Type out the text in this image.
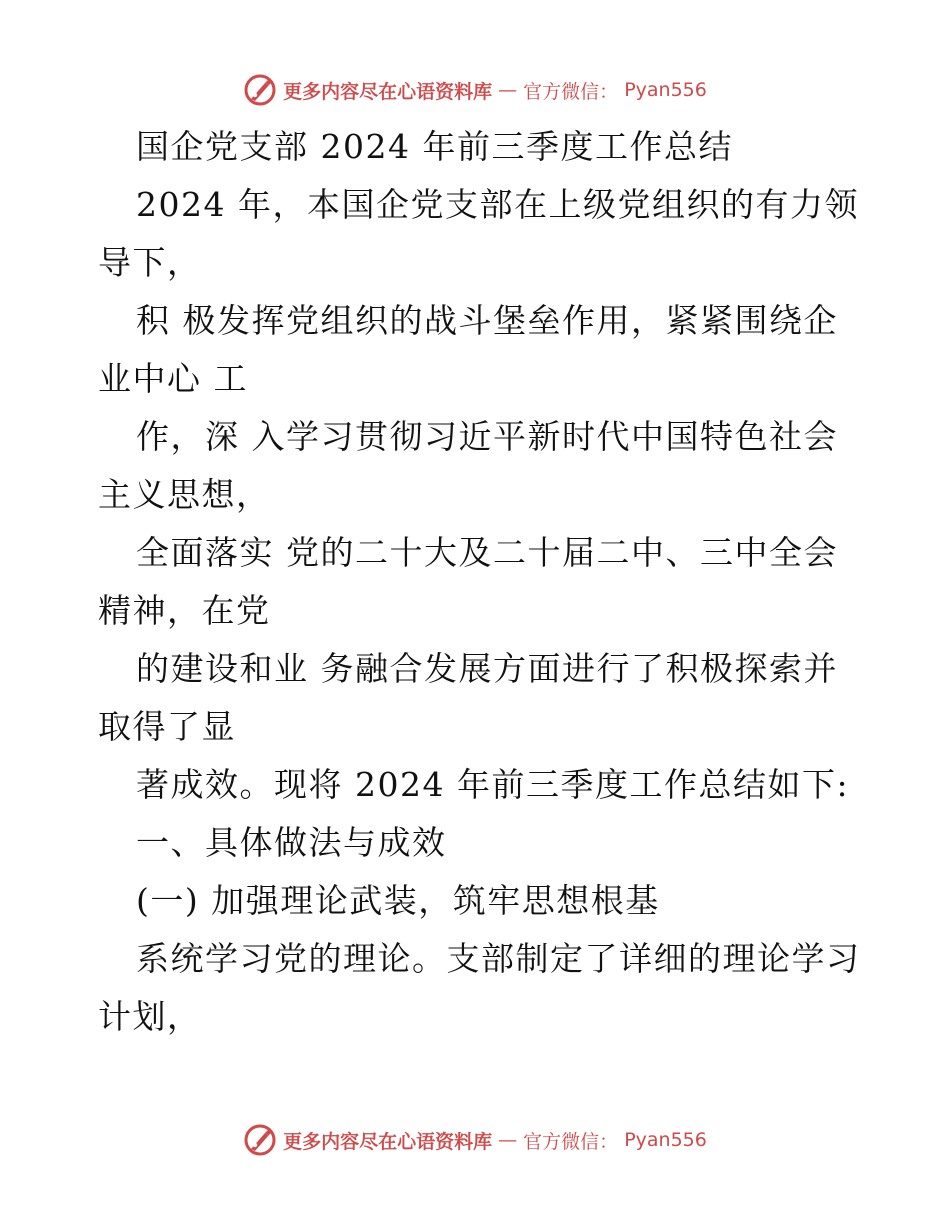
更多内容尽在心语资料库 — 官方微信： Pyan556
国企党支部 2024 年前三季度工作总结
2024 年，本国企党支部在上级党组织的有力领
导下，
积 极发挥党组织的战斗堡垒作用，紧紧围绕企
业中心 工
作，深 入学习贯彻习近平新时代中国特色社会
主义思想，
全面落实 党的二十大及二十届二中、三中全会
精神，在党
的建设和业 务融合发展方面进行了积极探索并
取得了显
著成效。现将 2024 年前三季度工作总结如下:
一、具体做法与成效
(一) 加强理论武装，筑牢思想根基
系统学习党的理论。支部制定了详细的理论学习
计划，
更多内容尽在心语资料库 — 官方微信： Pyan556
